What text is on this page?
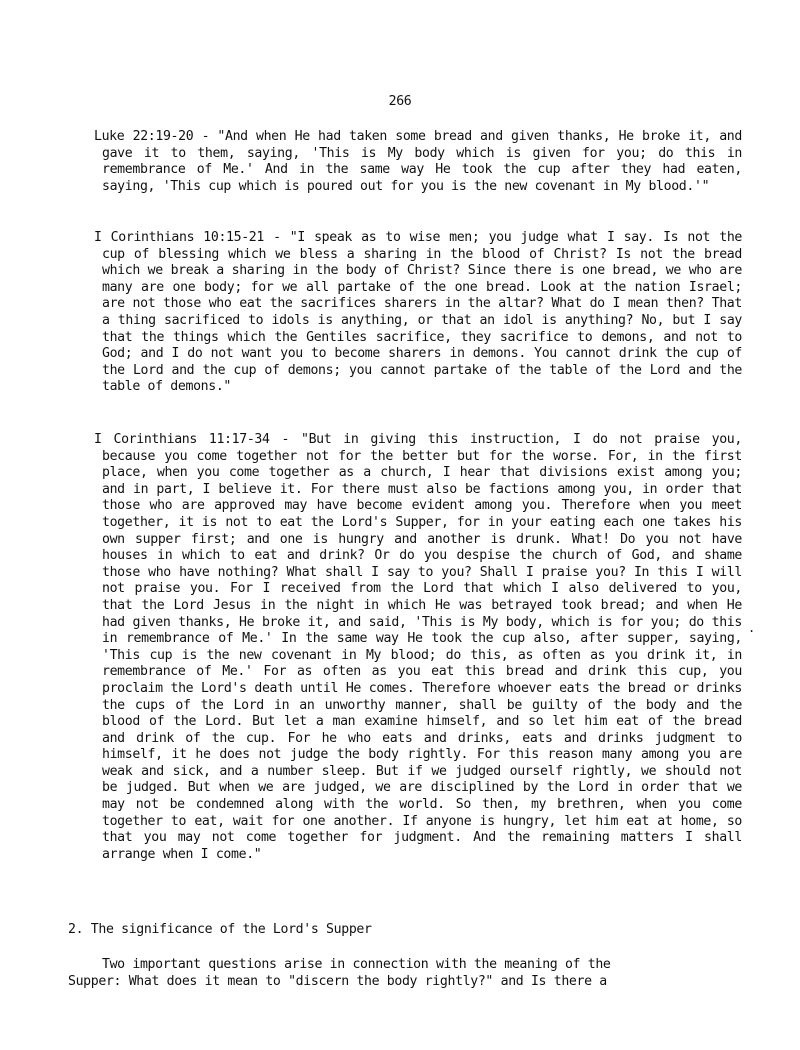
266
Luke 22:19-20 - "And when He had taken some bread and given thanks, He broke it, and gave it to them, saying, 'This is My body which is given for you; do this in remembrance of Me.' And in the same way He took the cup after they had eaten, saying, 'This cup which is poured out for you is the new covenant in My blood.'"
I Corinthians 10:15-21 - "I speak as to wise men; you judge what I say. Is not the cup of blessing which we bless a sharing in the blood of Christ? Is not the bread which we break a sharing in the body of Christ? Since there is one bread, we who are many are one body; for we all partake of the one bread. Look at the nation Israel; are not those who eat the sacrifices sharers in the altar? What do I mean then? That a thing sacrificed to idols is anything, or that an idol is anything? No, but I say that the things which the Gentiles sacrifice, they sacrifice to demons, and not to God; and I do not want you to become sharers in demons. You cannot drink the cup of the Lord and the cup of demons; you cannot partake of the table of the Lord and the table of demons."
I Corinthians 11:17-34 - "But in giving this instruction, I do not praise you, because you come together not for the better but for the worse. For, in the first place, when you come together as a church, I hear that divisions exist among you; and in part, I believe it. For there must also be factions among you, in order that those who are approved may have become evident among you. Therefore when you meet together, it is not to eat the Lord's Supper, for in your eating each one takes his own supper first; and one is hungry and another is drunk. What! Do you not have houses in which to eat and drink? Or do you despise the church of God, and shame those who have nothing? What shall I say to you? Shall I praise you? In this I will not praise you. For I received from the Lord that which I also delivered to you, that the Lord Jesus in the night in which He was betrayed took bread; and when He had given thanks, He broke it, and said, 'This is My body, which is for you; do this in remembrance of Me.' In the same way He took the cup also, after supper, saying, 'This cup is the new covenant in My blood; do this, as often as you drink it, in remembrance of Me.' For as often as you eat this bread and drink this cup, you proclaim the Lord's death until He comes. Therefore whoever eats the bread or drinks the cups of the Lord in an unworthy manner, shall be guilty of the body and the blood of the Lord. But let a man examine himself, and so let him eat of the bread and drink of the cup. For he who eats and drinks, eats and drinks judgment to himself, it he does not judge the body rightly. For this reason many among you are weak and sick, and a number sleep. But if we judged ourself rightly, we should not be judged. But when we are judged, we are disciplined by the Lord in order that we may not be condemned along with the world. So then, my brethren, when you come together to eat, wait for one another. If anyone is hungry, let him eat at home, so that you may not come together for judgment. And the remaining matters I shall arrange when I come."
.
2. The significance of the Lord's Supper
Two important questions arise in connection with the meaning of the Supper: What does it mean to "discern the body rightly?" and Is there a
